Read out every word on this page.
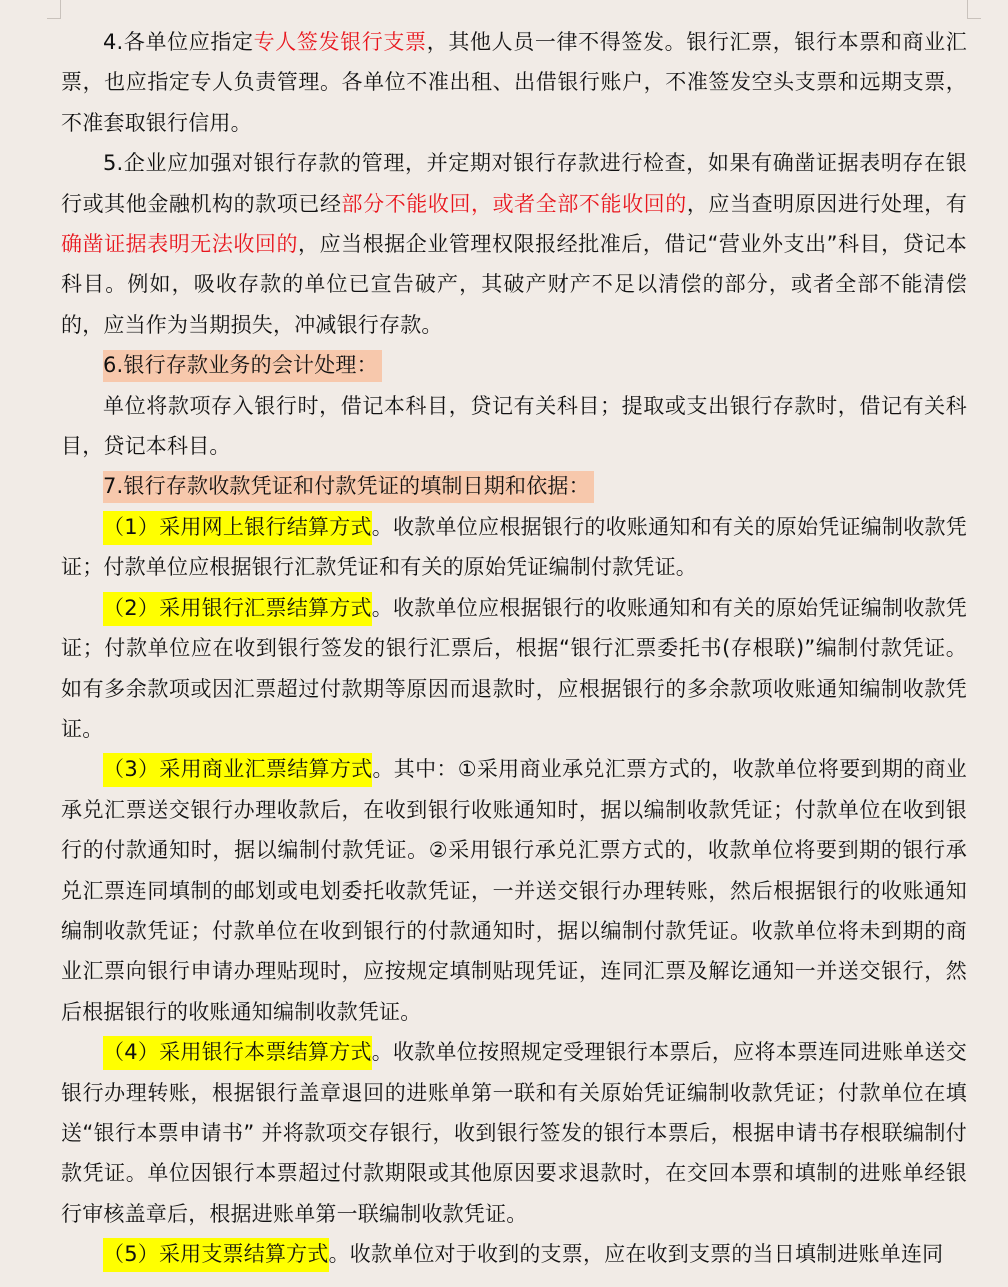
4.各单位应指定专人签发银行支票，其他人员一律不得签发。银行汇票，银行本票和商业汇票，也应指定专人负责管理。各单位不准出租、出借银行账户，不准签发空头支票和远期支票，不准套取银行信用。

5.企业应加强对银行存款的管理，并定期对银行存款进行检查，如果有确凿证据表明存在银行或其他金融机构的款项已经部分不能收回，或者全部不能收回的，应当查明原因进行处理，有确凿证据表明无法收回的，应当根据企业管理权限报经批准后，借记“营业外支出”科目，贷记本科目。例如，吸收存款的单位已宣告破产，其破产财产不足以清偿的部分，或者全部不能清偿的，应当作为当期损失，冲减银行存款。

6.银行存款业务的会计处理：

单位将款项存入银行时，借记本科目，贷记有关科目；提取或支出银行存款时，借记有关科目，贷记本科目。

7.银行存款收款凭证和付款凭证的填制日期和依据：

（1）采用网上银行结算方式。收款单位应根据银行的收账通知和有关的原始凭证编制收款凭证；付款单位应根据银行汇款凭证和有关的原始凭证编制付款凭证。

（2）采用银行汇票结算方式。收款单位应根据银行的收账通知和有关的原始凭证编制收款凭证；付款单位应在收到银行签发的银行汇票后，根据“银行汇票委托书(存根联)”编制付款凭证。如有多余款项或因汇票超过付款期等原因而退款时，应根据银行的多余款项收账通知编制收款凭证。

（3）采用商业汇票结算方式。其中：①采用商业承兑汇票方式的，收款单位将要到期的商业承兑汇票送交银行办理收款后，在收到银行收账通知时，据以编制收款凭证；付款单位在收到银行的付款通知时，据以编制付款凭证。②采用银行承兑汇票方式的，收款单位将要到期的银行承兑汇票连同填制的邮划或电划委托收款凭证，一并送交银行办理转账，然后根据银行的收账通知编制收款凭证；付款单位在收到银行的付款通知时，据以编制付款凭证。收款单位将未到期的商业汇票向银行申请办理贴现时，应按规定填制贴现凭证，连同汇票及解讫通知一并送交银行，然后根据银行的收账通知编制收款凭证。

（4）采用银行本票结算方式。收款单位按照规定受理银行本票后，应将本票连同进账单送交银行办理转账，根据银行盖章退回的进账单第一联和有关原始凭证编制收款凭证；付款单位在填送“银行本票申请书” 并将款项交存银行，收到银行签发的银行本票后，根据申请书存根联编制付款凭证。单位因银行本票超过付款期限或其他原因要求退款时，在交回本票和填制的进账单经银行审核盖章后，根据进账单第一联编制收款凭证。

（5）采用支票结算方式。收款单位对于收到的支票，应在收到支票的当日填制进账单连同
